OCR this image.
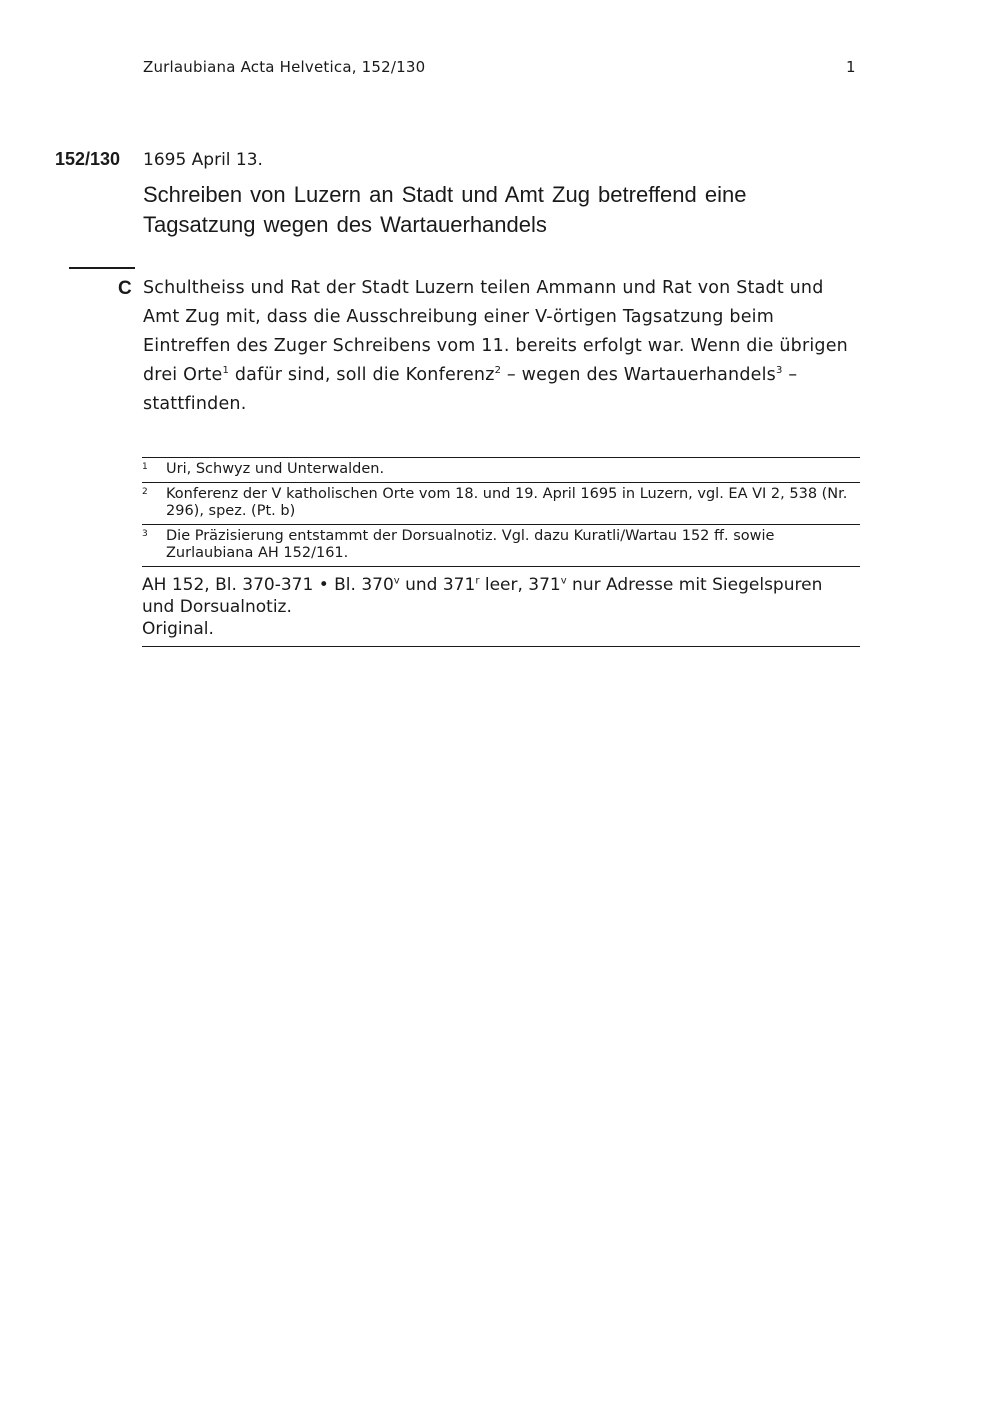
Zurlaubiana Acta Helvetica, 152/130	1
152/130 1695 April 13.
Schreiben von Luzern an Stadt und Amt Zug betreffend eine Tagsatzung wegen des Wartauerhandels
C Schultheiss und Rat der Stadt Luzern teilen Ammann und Rat von Stadt und Amt Zug mit, dass die Ausschreibung einer V-örtigen Tagsatzung beim Eintreffen des Zuger Schreibens vom 11. bereits erfolgt war. Wenn die übrigen drei Orte$^1$ dafür sind, soll die Konferenz$^2$ – wegen des Wartauerhandels$^3$ – stattfinden.
1 Uri, Schwyz und Unterwalden.
2 Konferenz der V katholischen Orte vom 18. und 19. April 1695 in Luzern, vgl. EA VI 2, 538 (Nr. 296), spez. (Pt. b)
3 Die Präzisierung entstammt der Dorsualnotiz. Vgl. dazu Kuratli/Wartau 152 ff. sowie Zurlaubiana AH 152/161.
AH 152, Bl. 370-371 • Bl. 370$^v$ und 371$^r$ leer, 371$^v$ nur Adresse mit Siegelspuren und Dorsualnotiz.
Original.
